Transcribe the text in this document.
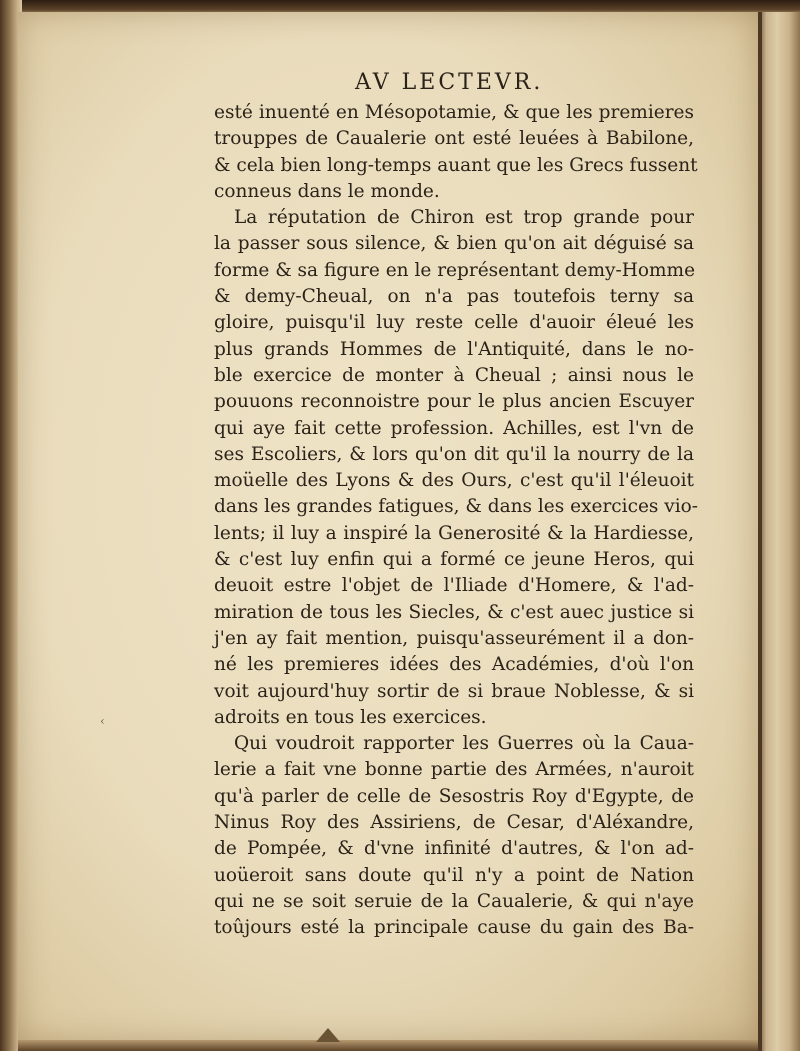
‹
AV LECTEVR.
esté inuenté en Mésopotamie, & que les premieres
trouppes de Caualerie ont esté leuées à Babilone,
& cela bien long-temps auant que les Grecs fussent
conneus dans le monde.
La réputation de Chiron est trop grande pour
la passer sous silence, & bien qu'on ait déguisé sa
forme & sa figure en le représentant demy-Homme
& demy-Cheual, on n'a pas toutefois terny sa
gloire, puisqu'il luy reste celle d'auoir éleué les
plus grands Hommes de l'Antiquité, dans le no-
ble exercice de monter à Cheual ; ainsi nous le
pouuons reconnoistre pour le plus ancien Escuyer
qui aye fait cette profession. Achilles, est l'vn de
ses Escoliers, & lors qu'on dit qu'il la nourry de la
moüelle des Lyons & des Ours, c'est qu'il l'éleuoit
dans les grandes fatigues, & dans les exercices vio-
lents; il luy a inspiré la Generosité & la Hardiesse,
& c'est luy enfin qui a formé ce jeune Heros, qui
deuoit estre l'objet de l'Iliade d'Homere, & l'ad-
miration de tous les Siecles, & c'est auec justice si
j'en ay fait mention, puisqu'asseurément il a don-
né les premieres idées des Académies, d'où l'on
voit aujourd'huy sortir de si braue Noblesse, & si
adroits en tous les exercices.
Qui voudroit rapporter les Guerres où la Caua-
lerie a fait vne bonne partie des Armées, n'auroit
qu'à parler de celle de Sesostris Roy d'Egypte, de
Ninus Roy des Assiriens, de Cesar, d'Aléxandre,
de Pompée, & d'vne infinité d'autres, & l'on ad-
uoüeroit sans doute qu'il n'y a point de Nation
qui ne se soit seruie de la Caualerie, & qui n'aye
toûjours esté la principale cause du gain des Ba-
